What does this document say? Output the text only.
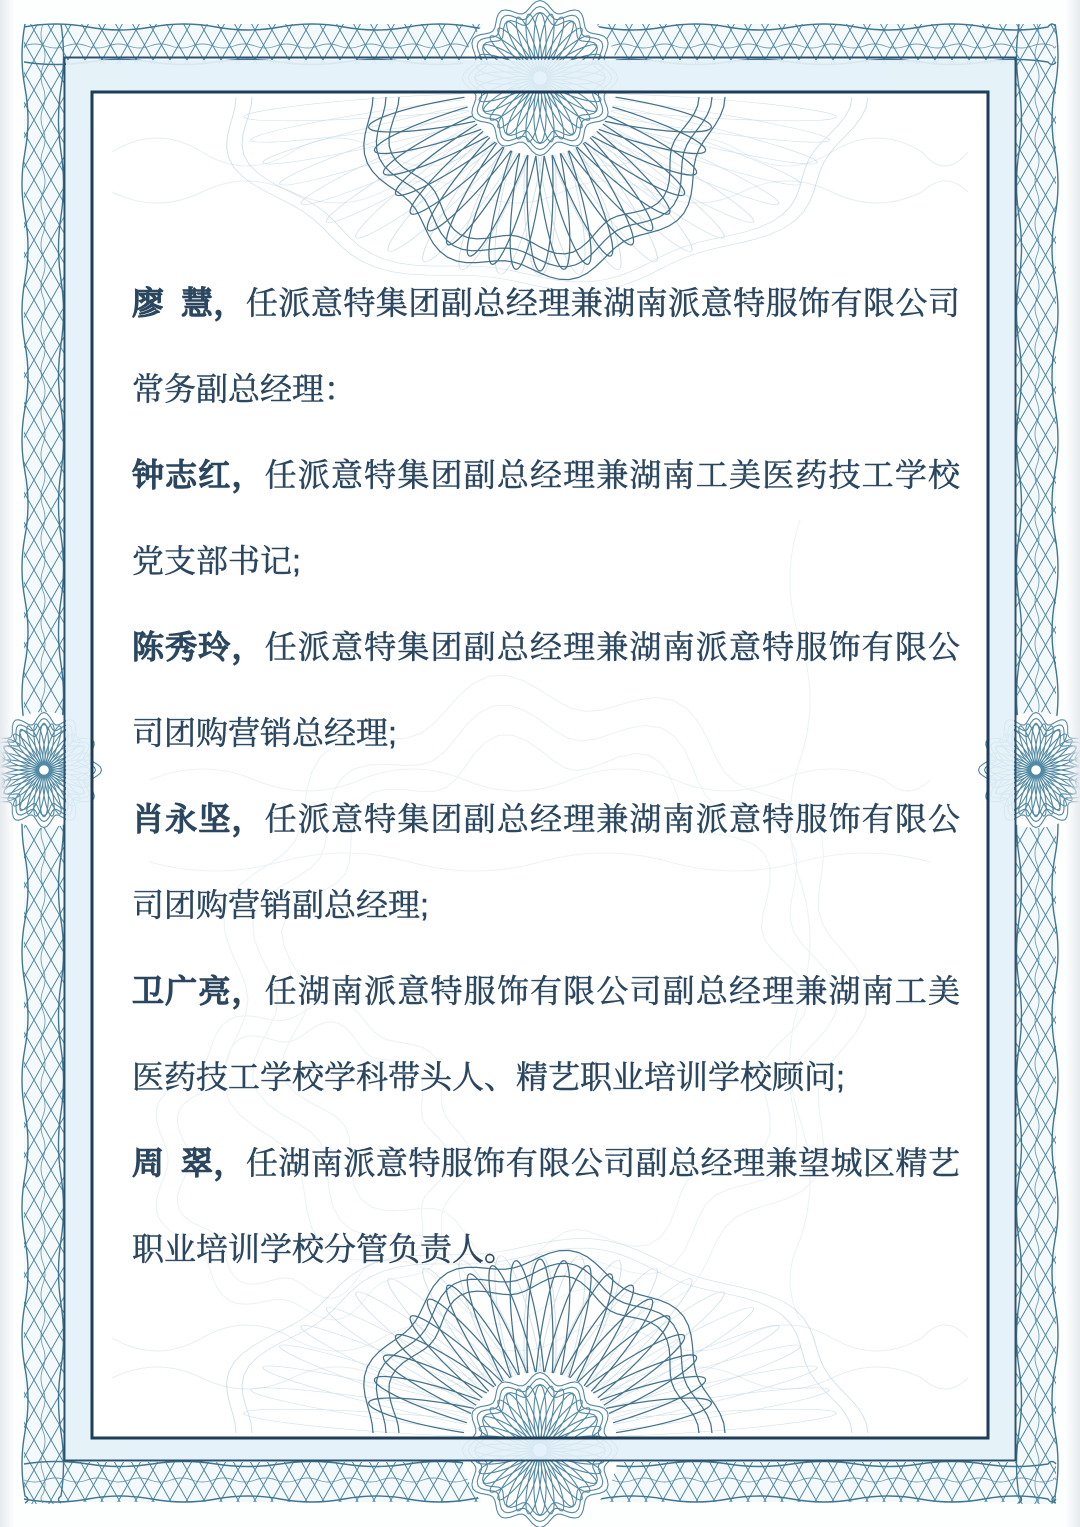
廖 慧，任派意特集团副总经理兼湖南派意特服饰有限公司
常务副总经理：
钟志红，任派意特集团副总经理兼湖南工美医药技工学校
党支部书记;
陈秀玲，任派意特集团副总经理兼湖南派意特服饰有限公
司团购营销总经理;
肖永坚，任派意特集团副总经理兼湖南派意特服饰有限公
司团购营销副总经理;
卫广亮，任湖南派意特服饰有限公司副总经理兼湖南工美
医药技工学校学科带头人、精艺职业培训学校顾问;
周 翠，任湖南派意特服饰有限公司副总经理兼望城区精艺
职业培训学校分管负责人。
